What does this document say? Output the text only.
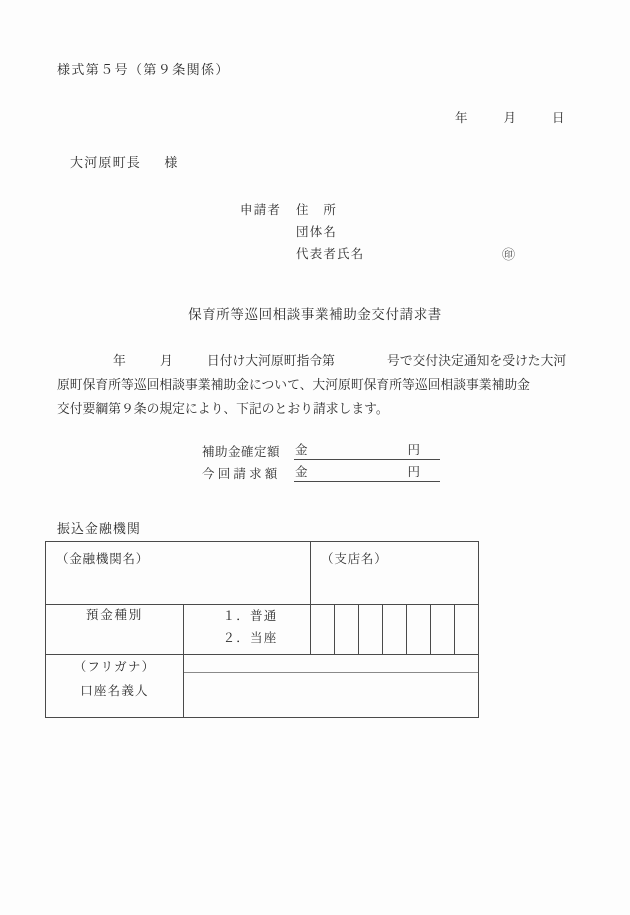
様式第５号（第９条関係）
年	月	日
大河原町長 様
申請者	住　所
団体名
代表者氏名	㊞
保育所等巡回相談事業補助金交付請求書
年	月	日付け大河原町指令第	号で交付決定通知を受けた大河
原町保育所等巡回相談事業補助金について、大河原町保育所等巡回相談事業補助金
交付要綱第９条の規定により、下記のとおり請求します。
補助金確定額	金	円
今回請求額	金	円
振込金融機関
（金融機関名）		（支店名）						

預金種別	１．普通
２．当座							

（フリガナ）
口座名義人								
